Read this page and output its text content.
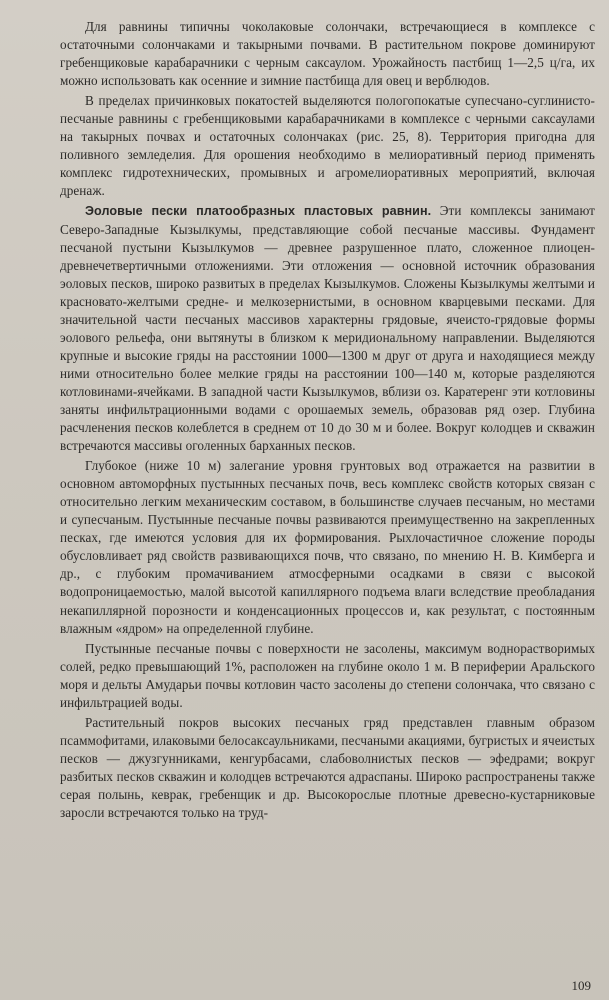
Для равнины типичны чоколаковые солончаки, встречающиеся в комплексе с остаточными солончаками и такырными почвами. В растительном покрове доминируют гребенщиковые карабарачники с черным саксаулом. Урожайность пастбищ 1—2,5 ц/га, их можно использовать как осенние и зимние пастбища для овец и верблюдов.

В пределах причинковых покатостей выделяются пологопокатые супесчано-суглинисто-песчаные равнины с гребенщиковыми карабарачниками в комплексе с черными саксаулами на такырных почвах и остаточных солончаках (рис. 25, 8). Территория пригодна для поливного земледелия. Для орошения необходимо в мелиоративный период применять комплекс гидротехнических, промывных и агромелиоративных мероприятий, включая дренаж.

Эоловые пески платообразных пластовых равнин. Эти комплексы занимают Северо-Западные Кызылкумы, представляющие собой песчаные массивы. Фундамент песчаной пустыни Кызылкумов — древнее разрушенное плато, сложенное плиоцен-древнечетвертичными отложениями. Эти отложения — основной источник образования эоловых песков, широко развитых в пределах Кызылкумов. Сложены Кызылкумы желтыми и красновато-желтыми средне- и мелкозернистыми, в основном кварцевыми песками. Для значительной части песчаных массивов характерны грядовые, ячеисто-грядовые формы эолового рельефа, они вытянуты в близком к меридиональному направлении. Выделяются крупные и высокие гряды на расстоянии 1000—1300 м друг от друга и находящиеся между ними относительно более мелкие гряды на расстоянии 100—140 м, которые разделяются котловинами-ячейками. В западной части Кызылкумов, вблизи оз. Каратеренг эти котловины заняты инфильтрационными водами с орошаемых земель, образовав ряд озер. Глубина расчленения песков колеблется в среднем от 10 до 30 м и более. Вокруг колодцев и скважин встречаются массивы оголенных барханных песков.

Глубокое (ниже 10 м) залегание уровня грунтовых вод отражается на развитии в основном автоморфных пустынных песчаных почв, весь комплекс свойств которых связан с относительно легким механическим составом, в большинстве случаев песчаным, но местами и супесчаным. Пустынные песчаные почвы развиваются преимущественно на закрепленных песках, где имеются условия для их формирования. Рыхлочастичное сложение породы обусловливает ряд свойств развивающихся почв, что связано, по мнению Н. В. Кимберга и др., с глубоким промачиванием атмосферными осадками в связи с высокой водопроницаемостью, малой высотой капиллярного подъема влаги вследствие преобладания некапиллярной порозности и конденсационных процессов и, как результат, с постоянным влажным «ядром» на определенной глубине.

Пустынные песчаные почвы с поверхности не засолены, максимум воднорастворимых солей, редко превышающий 1%, расположен на глубине около 1 м. В периферии Аральского моря и дельты Амударьи почвы котловин часто засолены до степени солончака, что связано с инфильтрацией воды.

Растительный покров высоких песчаных гряд представлен главным образом псаммофитами, илаковыми белосаксаульниками, песчаными акациями, бугристых и ячеистых песков — джузгунниками, кенгурбасами, слабоволнистых песков — эфедрами; вокруг разбитых песков скважин и колодцев встречаются адраспаны. Широко распространены также серая полынь, кеврак, гребенщик и др. Высокорослые плотные древесно-кустарниковые заросли встречаются только на труд-

109
